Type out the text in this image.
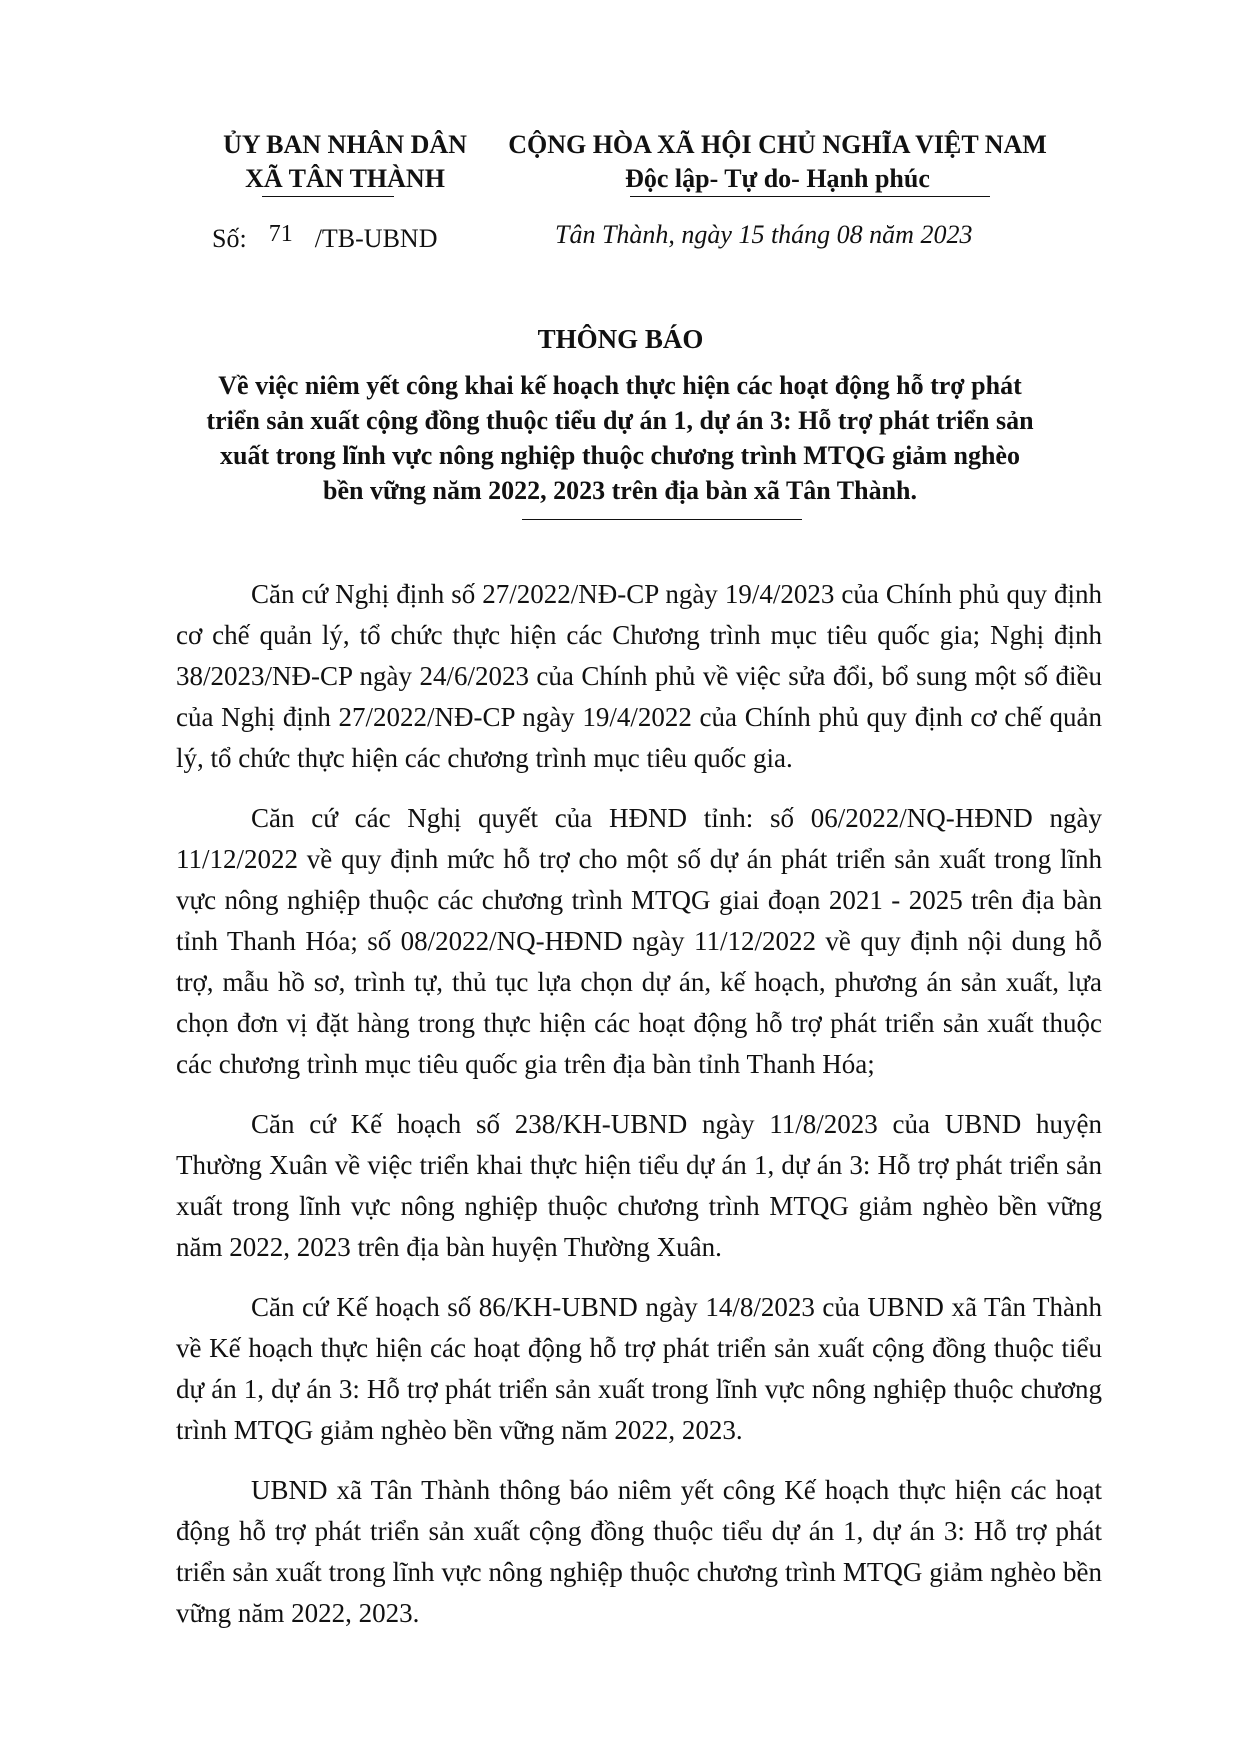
ỦY BAN NHÂN DÂN
XÃ TÂN THÀNH
CỘNG HÒA XÃ HỘI CHỦ NGHĨA VIỆT NAM
Độc lập- Tự do- Hạnh phúc
Số: 71 /TB-UBND	Tân Thành, ngày 15 tháng 08 năm 2023
THÔNG BÁO
Về việc niêm yết công khai kế hoạch thực hiện các hoạt động hỗ trợ phát
triển sản xuất cộng đồng thuộc tiểu dự án 1, dự án 3: Hỗ trợ phát triển sản
xuất trong lĩnh vực nông nghiệp thuộc chương trình MTQG giảm nghèo
bền vững năm 2022, 2023 trên địa bàn xã Tân Thành.

Căn cứ Nghị định số 27/2022/NĐ-CP ngày 19/4/2023 của Chính phủ quy định cơ chế quản lý, tổ chức thực hiện các Chương trình mục tiêu quốc gia; Nghị định 38/2023/NĐ-CP ngày 24/6/2023 của Chính phủ về việc sửa đổi, bổ sung một số điều của Nghị định 27/2022/NĐ-CP ngày 19/4/2022 của Chính phủ quy định cơ chế quản lý, tổ chức thực hiện các chương trình mục tiêu quốc gia.

Căn cứ các Nghị quyết của HĐND tỉnh: số 06/2022/NQ-HĐND ngày 11/12/2022 về quy định mức hỗ trợ cho một số dự án phát triển sản xuất trong lĩnh vực nông nghiệp thuộc các chương trình MTQG giai đoạn 2021 - 2025 trên địa bàn tỉnh Thanh Hóa; số 08/2022/NQ-HĐND ngày 11/12/2022 về quy định nội dung hỗ trợ, mẫu hồ sơ, trình tự, thủ tục lựa chọn dự án, kế hoạch, phương án sản xuất, lựa chọn đơn vị đặt hàng trong thực hiện các hoạt động hỗ trợ phát triển sản xuất thuộc các chương trình mục tiêu quốc gia trên địa bàn tỉnh Thanh Hóa;

Căn cứ Kế hoạch số 238/KH-UBND ngày 11/8/2023 của UBND huyện Thường Xuân về việc triển khai thực hiện tiểu dự án 1, dự án 3: Hỗ trợ phát triển sản xuất trong lĩnh vực nông nghiệp thuộc chương trình MTQG giảm nghèo bền vững năm 2022, 2023 trên địa bàn huyện Thường Xuân.

Căn cứ Kế hoạch số 86/KH-UBND ngày 14/8/2023 của UBND xã Tân Thành về Kế hoạch thực hiện các hoạt động hỗ trợ phát triển sản xuất cộng đồng thuộc tiểu dự án 1, dự án 3: Hỗ trợ phát triển sản xuất trong lĩnh vực nông nghiệp thuộc chương trình MTQG giảm nghèo bền vững năm 2022, 2023.

UBND xã Tân Thành thông báo niêm yết công Kế hoạch thực hiện các hoạt động hỗ trợ phát triển sản xuất cộng đồng thuộc tiểu dự án 1, dự án 3: Hỗ trợ phát triển sản xuất trong lĩnh vực nông nghiệp thuộc chương trình MTQG giảm nghèo bền vững năm 2022, 2023.
